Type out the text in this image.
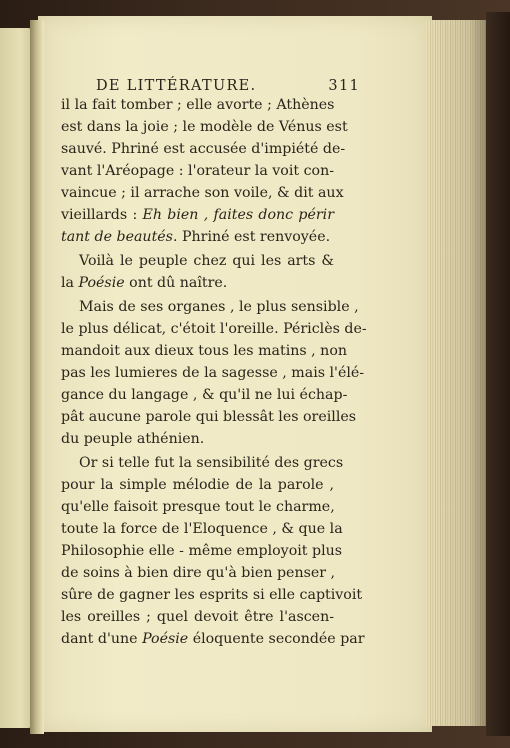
DE LITTÉRATURE.	311
il la fait tomber ; elle avorte ; Athènes
est dans la joie ; le modèle de Vénus est
sauvé. Phriné est accusée d'impiété de-
vant l'Aréopage : l'orateur la voit con-
vaincue ; il arrache son voile, & dit aux
vieillards : Eh bien , faites donc périr
tant de beautés. Phriné est renvoyée.
Voilà le peuple chez qui les arts &
la Poésie ont dû naître.
Mais de ses organes , le plus sensible ,
le plus délicat, c'étoit l'oreille. Périclès de-
mandoit aux dieux tous les matins , non
pas les lumieres de la sagesse , mais l'élé-
gance du langage , & qu'il ne lui échap-
pât aucune parole qui blessât les oreilles
du peuple athénien.
Or si telle fut la sensibilité des grecs
pour la simple mélodie de la parole ,
qu'elle faisoit presque tout le charme,
toute la force de l'Eloquence , & que la
Philosophie elle - même employoit plus
de soins à bien dire qu'à bien penser ,
sûre de gagner les esprits si elle captivoit
les oreilles ; quel devoit être l'ascen-
dant d'une Poésie éloquente secondée par
